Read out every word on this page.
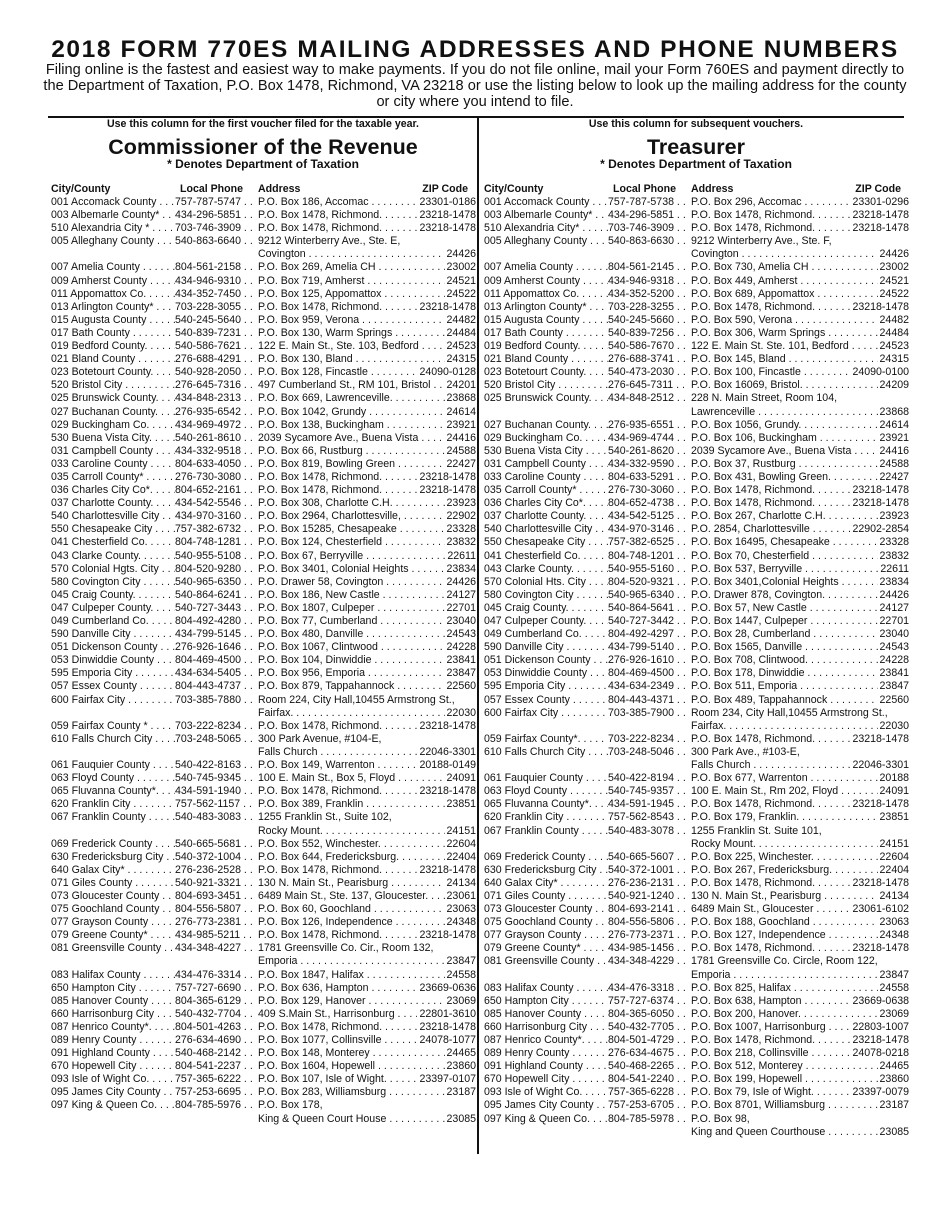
2018 FORM 770ES MAILING ADDRESSES AND PHONE NUMBERS
Filing online is the fastest and easiest way to make payments. If you do not file online, mail your Form 760ES and payment directly to the Department of Taxation, P.O. Box 1478, Richmond, VA 23218 or use the listing below to look up the mailing address for the county or city where you intend to file.
Use this column for the first voucher filed for the taxable year.
Commissioner of the Revenue
* Denotes Department of Taxation
City/County	Local Phone Address	ZIP Code
001 Accomack County . . .	757-787-5747 . . .	P.O. Box 186, Accomac . . .	23301-0186
003 Albemarle County* . . .	434-296-5851 . . .	P.O. Box 1478, Richmond. . . .	23218-1478
510 Alexandria City * . . .	703-746-3909 . . .	P.O. Box 1478, Richmond. . . .	23218-1478
005 Alleghany County . . .	540-863-6640 . . .	9212 Winterberry Ave., Ste. E,
Covington . . .	24426
007 Amelia County . . .	804-561-2158 . . .	P.O. Box 269, Amelia CH . . .	23002
009 Amherst County . . .	434-946-9310 . . .	P.O. Box 719, Amherst . . .	24521
011 Appomattox Co. . . .	434-352-7450 . . .	P.O. Box 125, Appomattox . . .	24522
013 Arlington County* . . .	703-228-3055 . . .	P.O. Box 1478, Richmond. . . .	23218-1478
015 Augusta County . . .	540-245-5640 . . .	P.O. Box 959, Verona . . .	24482
017 Bath County . . .	540-839-7231 . . .	P.O. Box 130, Warm Springs . . .	24484
019 Bedford County. . . .	540-586-7621 . . .	122 E. Main St., Ste. 103, Bedford . . .	24523
021 Bland County . . .	276-688-4291 . . .	P.O. Box 130, Bland . . .	24315
023 Botetourt County. . . .	540-928-2050 . . .	P.O. Box 128, Fincastle . . .	24090-0128
520 Bristol City . . .	276-645-7316 . . .	497 Cumberland St., RM 101, Bristol . . .	24201
025 Brunswick County. . . .	434-848-2313 . . .	P.O. Box 669, Lawrenceville. . . .	23868
027 Buchanan County. . . .	276-935-6542 . . .	P.O. Box 1042, Grundy . . .	24614
029 Buckingham Co. . . .	434-969-4972 . . .	P.O. Box 138, Buckingham . . .	23921
530 Buena Vista City. . . .	540-261-8610 . . .	2039 Sycamore Ave., Buena Vista . . .	24416
031 Campbell County . . .	434-332-9518 . . .	P.O. Box 66, Rustburg . . .	24588
033 Caroline County . . .	804-633-4050 . . .	P.O. Box 819, Bowling Green . . .	22427
035 Carroll County* . . .	276-730-3080 . . .	P.O. Box 1478, Richmond. . . .	23218-1478
036 Charles City Co*. . . .	804-652-2161 . . .	P.O. Box 1478, Richmond. . . .	23218-1478
037 Charlotte County. . . .	434-542-5546 . . .	P.O. Box 308, Charlotte C.H. . . .	23923
540 Charlottesville City . . .	434-970-3160 . . .	P.O. Box 2964, Charlottesville, . . .	22902
550 Chesapeake City . . .	757-382-6732 . . .	P.O. Box 15285, Chesapeake . . .	23328
041 Chesterfield Co. . . .	804-748-1281 . . .	P.O. Box 124, Chesterfield . . .	23832
043 Clarke County. . . .	540-955-5108 . . .	P.O. Box 67, Berryville . . .	22611
570 Colonial Hgts. City . . .	804-520-9280 . . .	P.O. Box 3401, Colonial Heights . . .	23834
580 Covington City . . .	540-965-6350 . . .	P.O. Drawer 58, Covington . . .	24426
045 Craig County. . . .	540-864-6241 . . .	P.O. Box 186, New Castle . . .	24127
047 Culpeper County. . . .	540-727-3443 . . .	P.O. Box 1807, Culpeper . . .	22701
049 Cumberland Co. . . .	804-492-4280 . . .	P.O. Box 77, Cumberland . . .	23040
590 Danville City . . .	434-799-5145 . . .	P.O. Box 480, Danville . . .	24543
051 Dickenson County . . .	276-926-1646 . . .	P.O. Box 1067, Clintwood . . .	24228
053 Dinwiddie County . . .	804-469-4500 . . .	P.O. Box 104, Dinwiddie . . .	23841
595 Emporia City . . .	434-634-5405 . . .	P.O. Box 956, Emporia . . .	23847
057 Essex County . . .	804-443-4737 . . .	P.O. Box 879, Tappahannock . . .	22560
600 Fairfax City . . .	703-385-7880 . . .	Room 224, City Hall,10455 Armstrong St.,
Fairfax. . . .	22030
059 Fairfax County * . . .	703-222-8234 . . .	P.O. Box 1478, Richmond. . . .	23218-1478
610 Falls Church City . . .	703-248-5065 . . .	300 Park Avenue, #104-E,
Falls Church . . .	22046-3301
061 Fauquier County . . .	540-422-8163 . . .	P.O. Box 149, Warrenton . . .	20188-0149
063 Floyd County . . .	540-745-9345 . . .	100 E. Main St., Box 5, Floyd . . .	24091
065 Fluvanna County*. . . .	434-591-1940 . . .	P.O. Box 1478, Richmond. . . .	23218-1478
620 Franklin City . . .	757-562-1157 . . .	P.O. Box 389, Franklin . . .	23851
067 Franklin County . . .	540-483-3083 . . .	1255 Franklin St., Suite 102,
Rocky Mount. . . .	24151
069 Frederick County . . .	540-665-5681 . . .	P.O. Box 552, Winchester. . . .	22604
630 Fredericksburg City . . .	540-372-1004 . . .	P.O. Box 644, Fredericksburg. . . .	22404
640 Galax City* . . .	276-236-2528 . . .	P.O. Box 1478, Richmond. . . .	23218-1478
071 Giles County . . .	540-921-3321 . . .	130 N. Main St., Pearisburg . . .	24134
073 Gloucester County . . .	804-693-3451 . . .	6489 Main St., Ste. 137, Gloucester. . . .	23061
075 Goochland County . . .	804-556-5807 . . .	P.O. Box 60, Goochland . . .	23063
077 Grayson County . . .	276-773-2381 . . .	P.O. Box 126, Independence . . .	24348
079 Greene County* . . .	434-985-5211 . . .	P.O. Box 1478, Richmond. . . .	23218-1478
081 Greensville County . . .	434-348-4227 . . .	1781 Greensville Co. Cir., Room 132,
Emporia . . .	23847
083 Halifax County . . .	434-476-3314 . . .	P.O. Box 1847, Halifax . . .	24558
650 Hampton City . . .	757-727-6690 . . .	P.O. Box 636, Hampton . . .	23669-0636
085 Hanover County . . .	804-365-6129 . . .	P.O. Box 129, Hanover . . .	23069
660 Harrisonburg City . . .	540-432-7704 . . .	409 S.Main St., Harrisonburg . . .	22801-3610
087 Henrico County*. . . .	804-501-4263 . . .	P.O. Box 1478, Richmond. . . .	23218-1478
089 Henry County . . .	276-634-4690 . . .	P.O. Box 1077, Collinsville . . .	24078-1077
091 Highland County . . .	540-468-2142 . . .	P.O. Box 148, Monterey . . .	24465
670 Hopewell City . . .	804-541-2237 . . .	P.O. Box 1604, Hopewell . . .	23860
093 Isle of Wight Co. . . .	757-365-6222 . . .	P.O. Box 107, Isle of Wight. . . .	23397-0107
095 James City County . . .	757-253-6695 . . .	P.O. Box 283, Williamsburg . . .	23187
097 King & Queen Co. . . .	804-785-5976 . . .	P.O. Box 178,
King & Queen Court House . . .	23085
Use this column for subsequent vouchers.
Treasurer
* Denotes Department of Taxation
City/County	Local Phone Address	ZIP Code
001 Accomack County . . .	757-787-5738 . . .	P.O. Box 296, Accomac . . .	23301-0296
003 Albemarle County* . . .	434-296-5851 . . .	P.O. Box 1478, Richmond. . . .	23218-1478
510 Alexandria City* . . .	703-746-3909 . . .	P.O. Box 1478, Richmond. . . .	23218-1478
005 Alleghany County . . .	540-863-6630 . . .	9212 Winterberry Ave., Ste. F,
Covington . . .	24426
007 Amelia County . . .	804-561-2145 . . .	P.O. Box 730, Amelia CH . . .	23002
009 Amherst County . . .	434-946-9318 . . .	P.O. Box 449, Amherst . . .	24521
011 Appomattox Co. . . .	434-352-5200 . . .	P.O. Box 689, Appomattox . . .	24522
013 Arlington County* . . .	703-228-3255 . . .	P.O. Box 1478, Richmond. . . .	23218-1478
015 Augusta County . . .	540-245-5660 . . .	P.O. Box 590, Verona . . .	24482
017 Bath County . . .	540-839-7256 . . .	P.O. Box 306, Warm Springs . . .	24484
019 Bedford County. . . .	540-586-7670 . . .	122 E. Main St. Ste. 101, Bedford . . .	24523
021 Bland County . . .	276-688-3741 . . .	P.O. Box 145, Bland . . .	24315
023 Botetourt County. . . .	540-473-2030 . . .	P.O. Box 100, Fincastle . . .	24090-0100
520 Bristol City . . .	276-645-7311 . . .	P.O. Box 16069, Bristol. . . .	24209
025 Brunswick County. . . .	434-848-2512 . . .	228 N. Main Street, Room 104,
Lawrenceville . . .	23868
027 Buchanan County. . . .	276-935-6551 . . .	P.O. Box 1056, Grundy. . . .	24614
029 Buckingham Co. . . .	434-969-4744 . . .	P.O. Box 106, Buckingham . . .	23921
530 Buena Vista City . . .	540-261-8620 . . .	2039 Sycamore Ave., Buena Vista . . .	24416
031 Campbell County . . .	434-332-9590 . . .	P.O. Box 37, Rustburg . . .	24588
033 Caroline County . . .	804-633-5291 . . .	P.O. Box 431, Bowling Green. . . .	22427
035 Carroll County* . . .	276-730-3060 . . .	P.O. Box 1478, Richmond. . . .	23218-1478
036 Charles City Co*. . . .	804-652-4738 . . .	P.O. Box 1478, Richmond. . . .	23218-1478
037 Charlotte County. . . .	434-542-5125 . . .	P.O. Box 267, Charlotte C.H. . . .	23923
540 Charlottesville City . . .	434-970-3146 . . .	P.O. 2854, Charlottesville . . .	22902-2854
550 Chesapeake City . . .	757-382-6525 . . .	P.O. Box 16495, Chesapeake . . .	23328
041 Chesterfield Co. . . .	804-748-1201 . . .	P.O. Box 70, Chesterfield . . .	23832
043 Clarke County. . . .	540-955-5160 . . .	P.O. Box 537, Berryville . . .	22611
570 Colonial Hts. City . . .	804-520-9321 . . .	P.O. Box 3401,Colonial Heights . . .	23834
580 Covington City . . .	540-965-6340 . . .	P.O. Drawer 878, Covington. . . .	24426
045 Craig County. . . .	540-864-5641 . . .	P.O. Box 57, New Castle . . .	24127
047 Culpeper County. . . .	540-727-3442 . . .	P.O. Box 1447, Culpeper . . .	22701
049 Cumberland Co. . . .	804-492-4297 . . .	P.O. Box 28, Cumberland . . .	23040
590 Danville City . . .	434-799-5140 . . .	P.O. Box 1565, Danville . . .	24543
051 Dickenson County . . .	276-926-1610 . . .	P.O. Box 708, Clintwood. . . .	24228
053 Dinwiddie County . . .	804-469-4500 . . .	P.O. Box 178, Dinwiddie . . .	23841
595 Emporia City . . .	434-634-2349 . . .	P.O. Box 511, Emporia . . .	23847
057 Essex County . . .	804-443-4371 . . .	P.O. Box 489, Tappahannock . . .	22560
600 Fairfax City . . .	703-385-7900 . . .	Room 234, City Hall,10455 Armstrong St.,
Fairfax. . . .	22030
059 Fairfax County*. . . .	703-222-8234 . . .	P.O. Box 1478, Richmond. . . .	23218-1478
610 Falls Church City . . .	703-248-5046 . . .	300 Park Ave., #103-E,
Falls Church . . .	22046-3301
061 Fauquier County . . .	540-422-8194 . . .	P.O. Box 677, Warrenton . . .	20188
063 Floyd County . . .	540-745-9357 . . .	100 E. Main St., Rm 202, Floyd . . .	24091
065 Fluvanna County*. . . .	434-591-1945 . . .	P.O. Box 1478, Richmond. . . .	23218-1478
620 Franklin City . . .	757-562-8543 . . .	P.O. Box 179, Franklin. . . .	23851
067 Franklin County . . .	540-483-3078 . . .	1255 Franklin St. Suite 101,
Rocky Mount. . . .	24151
069 Frederick County . . .	540-665-5607 . . .	P.O. Box 225, Winchester. . . .	22604
630 Fredericksburg City . . .	540-372-1001 . . .	P.O. Box 267, Fredericksburg. . . .	22404
640 Galax City* . . .	276-236-2131 . . .	P.O. Box 1478, Richmond. . . .	23218-1478
071 Giles County . . .	540-921-1240 . . .	130 N. Main St., Pearisburg . . .	24134
073 Gloucester County . . .	804-693-2141 . . .	6489 Main St., Gloucester . . .	23061-6102
075 Goochland County . . .	804-556-5806 . . .	P.O. Box 188, Goochland . . .	23063
077 Grayson County . . .	276-773-2371 . . .	P.O. Box 127, Independence . . .	24348
079 Greene County* . . .	434-985-1456 . . .	P.O. Box 1478, Richmond. . . .	23218-1478
081 Greensville County . . .	434-348-4229 . . .	1781 Greensville Co. Circle, Room 122,
Emporia . . .	23847
083 Halifax County . . .	434-476-3318 . . .	P.O. Box 825, Halifax . . .	24558
650 Hampton City . . .	757-727-6374 . . .	P.O. Box 638, Hampton . . .	23669-0638
085 Hanover County . . .	804-365-6050 . . .	P.O. Box 200, Hanover. . . .	23069
660 Harrisonburg City . . .	540-432-7705 . . .	P.O. Box 1007, Harrisonburg . . .	22803-1007
087 Henrico County*. . . .	804-501-4729 . . .	P.O. Box 1478, Richmond. . . .	23218-1478
089 Henry County . . .	276-634-4675 . . .	P.O. Box 218, Collinsville . . .	24078-0218
091 Highland County . . .	540-468-2265 . . .	P.O. Box 512, Monterey . . .	24465
670 Hopewell City . . .	804-541-2240 . . .	P.O. Box 199, Hopewell . . .	23860
093 Isle of Wight Co. . . .	757-365-6228 . . .	P.O. Box 79, Isle of Wight. . . .	23397-0079
095 James City County . . .	757-253-6705 . . .	P.O. Box 8701, Williamsburg . . .	23187
097 King & Queen Co. . . .	804-785-5978 . . .	P.O. Box 98,
King and Queen Courthouse . . .	23085
